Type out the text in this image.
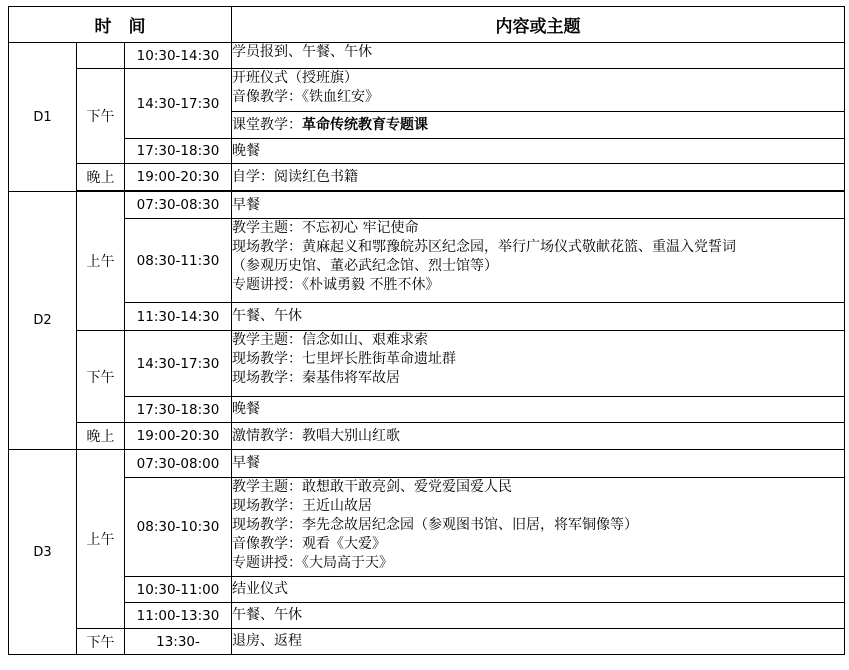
时　间			内容或主题
D1		10:30-14:30	学员报到、午餐、午休

	下午	14:30-17:30	开班仪式（授班旗）
音像教学：《铁血红安》

			课堂教学：革命传统教育专题课
		17:30-18:30	晚餐

	晚上	19:00-20:30	自学：阅读红色书籍

D2	上午	07:30-08:30	早餐

		08:30-11:30	教学主题：不忘初心 牢记使命
现场教学：黄麻起义和鄂豫皖苏区纪念园，举行广场仪式敬献花篮、重温入党誓词
（参观历史馆、董必武纪念馆、烈士馆等）
专题讲授：《朴诚勇毅 不胜不休》

		11:30-14:30	午餐、午休

	下午	14:30-17:30	教学主题：信念如山、艰难求索
现场教学：七里坪长胜街革命遗址群
现场教学：秦基伟将军故居

		17:30-18:30	晚餐

	晚上	19:00-20:30	激情教学：教唱大别山红歌

D3	上午	07:30-08:00	早餐

		08:30-10:30	教学主题：敢想敢干敢亮剑、爱党爱国爱人民
现场教学：王近山故居
现场教学：李先念故居纪念园（参观图书馆、旧居，将军铜像等）
音像教学：观看《大爱》
专题讲授：《大局高于天》

		10:30-11:00	结业仪式

		11:00-13:30	午餐、午休

	下午	13:30-	退房、返程
